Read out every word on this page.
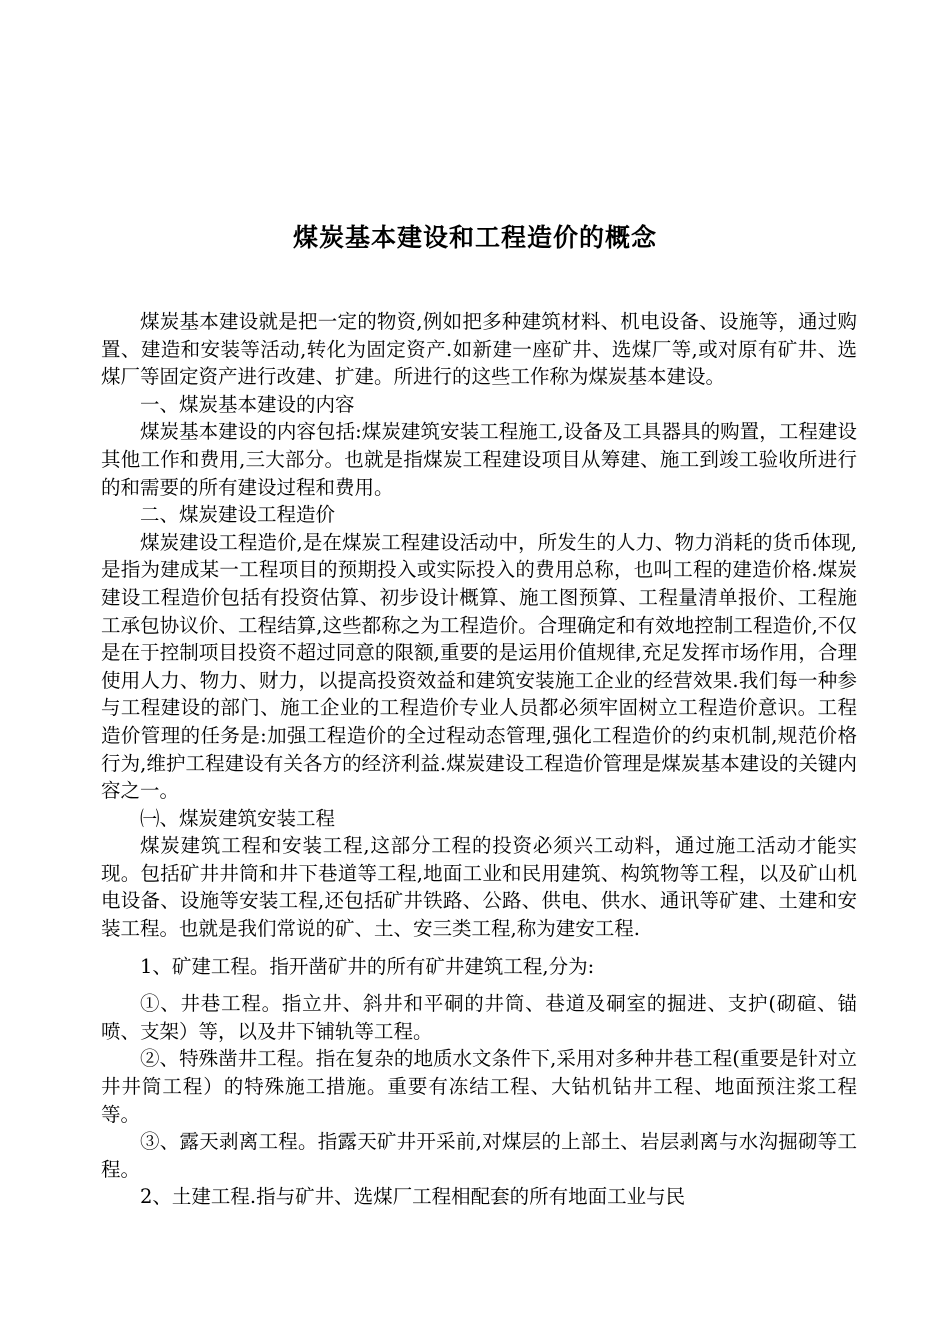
煤炭基本建设和工程造价的概念

煤炭基本建设就是把一定的物资,例如把多种建筑材料、机电设备、设施等，通过购置、建造和安装等活动,转化为固定资产.如新建一座矿井、选煤厂等,或对原有矿井、选煤厂等固定资产进行改建、扩建。所进行的这些工作称为煤炭基本建设。

一、煤炭基本建设的内容

煤炭基本建设的内容包括:煤炭建筑安装工程施工,设备及工具器具的购置，工程建设其他工作和费用,三大部分。也就是指煤炭工程建设项目从筹建、施工到竣工验收所进行的和需要的所有建设过程和费用。

二、煤炭建设工程造价

煤炭建设工程造价,是在煤炭工程建设活动中，所发生的人力、物力消耗的货币体现,是指为建成某一工程项目的预期投入或实际投入的费用总称，也叫工程的建造价格.煤炭建设工程造价包括有投资估算、初步设计概算、施工图预算、工程量清单报价、工程施工承包协议价、工程结算,这些都称之为工程造价。合理确定和有效地控制工程造价,不仅是在于控制项目投资不超过同意的限额,重要的是运用价值规律,充足发挥市场作用，合理使用人力、物力、财力，以提高投资效益和建筑安装施工企业的经营效果.我们每一种参与工程建设的部门、施工企业的工程造价专业人员都必须牢固树立工程造价意识。工程造价管理的任务是:加强工程造价的全过程动态管理,强化工程造价的约束机制,规范价格行为,维护工程建设有关各方的经济利益.煤炭建设工程造价管理是煤炭基本建设的关键内容之一。

㈠、煤炭建筑安装工程

煤炭建筑工程和安装工程,这部分工程的投资必须兴工动料，通过施工活动才能实现。包括矿井井筒和井下巷道等工程,地面工业和民用建筑、构筑物等工程，以及矿山机电设备、设施等安装工程,还包括矿井铁路、公路、供电、供水、通讯等矿建、土建和安装工程。也就是我们常说的矿、土、安三类工程,称为建安工程.

1、矿建工程。指开凿矿井的所有矿井建筑工程,分为:

①、井巷工程。指立井、斜井和平硐的井筒、巷道及硐室的掘进、支护(砌碹、锚喷、支架）等，以及井下铺轨等工程。

②、特殊凿井工程。指在复杂的地质水文条件下,采用对多种井巷工程(重要是针对立井井筒工程）的特殊施工措施。重要有冻结工程、大钻机钻井工程、地面预注浆工程等。

③、露天剥离工程。指露天矿井开采前,对煤层的上部土、岩层剥离与水沟掘砌等工程。

2、土建工程.指与矿井、选煤厂工程相配套的所有地面工业与民
